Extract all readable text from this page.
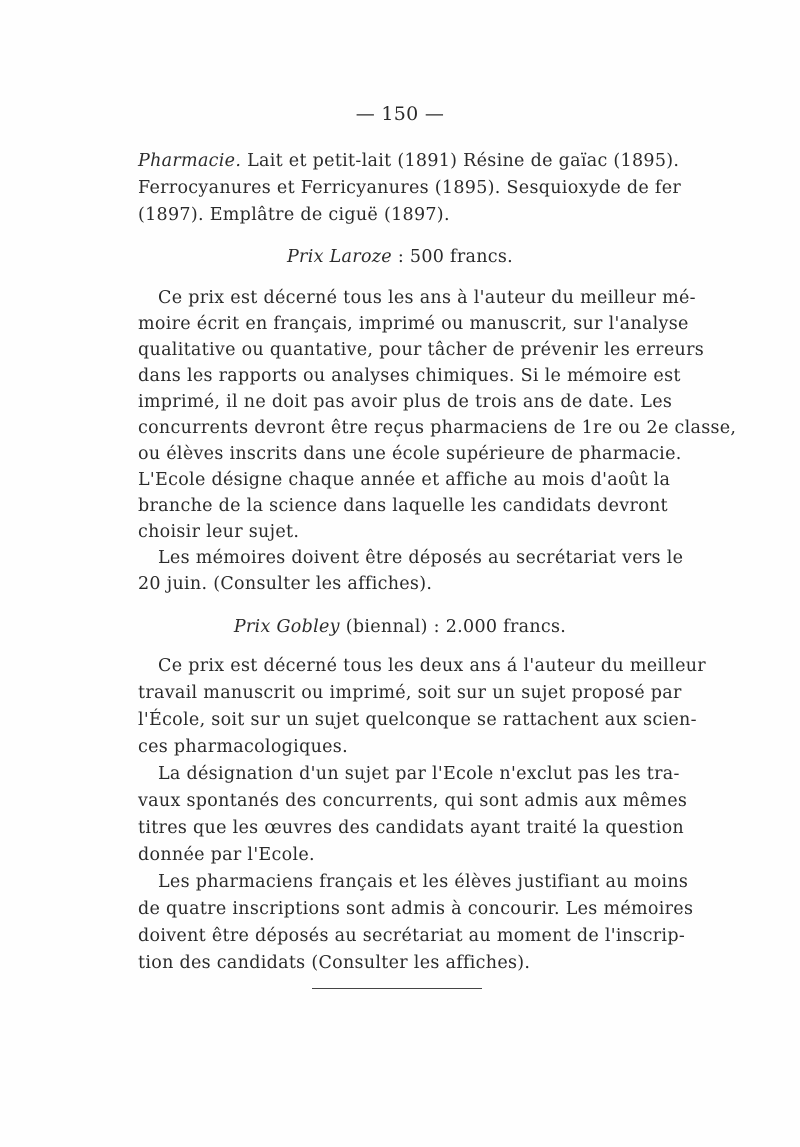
— 150 —
Pharmacie. Lait et petit-lait (1891) Résine de gaïac (1895).
Ferrocyanures et Ferricyanures (1895). Sesquioxyde de fer
(1897). Emplâtre de ciguë (1897).
Prix Laroze : 500 francs.
Ce prix est décerné tous les ans à l'auteur du meilleur mé-
moire écrit en français, imprimé ou manuscrit, sur l'analyse
qualitative ou quantative, pour tâcher de prévenir les erreurs
dans les rapports ou analyses chimiques. Si le mémoire est
imprimé, il ne doit pas avoir plus de trois ans de date. Les
concurrents devront être reçus pharmaciens de 1re ou 2e classe,
ou élèves inscrits dans une école supérieure de pharmacie.
L'Ecole désigne chaque année et affiche au mois d'août la
branche de la science dans laquelle les candidats devront
choisir leur sujet.
Les mémoires doivent être déposés au secrétariat vers le
20 juin. (Consulter les affiches).
Prix Gobley (biennal) : 2.000 francs.
Ce prix est décerné tous les deux ans á l'auteur du meilleur
travail manuscrit ou imprimé, soit sur un sujet proposé par
l'École, soit sur un sujet quelconque se rattachent aux scien-
ces pharmacologiques.
La désignation d'un sujet par l'Ecole n'exclut pas les tra-
vaux spontanés des concurrents, qui sont admis aux mêmes
titres que les œuvres des candidats ayant traité la question
donnée par l'Ecole.
Les pharmaciens français et les élèves justifiant au moins
de quatre inscriptions sont admis à concourir. Les mémoires
doivent être déposés au secrétariat au moment de l'inscrip-
tion des candidats (Consulter les affiches).
